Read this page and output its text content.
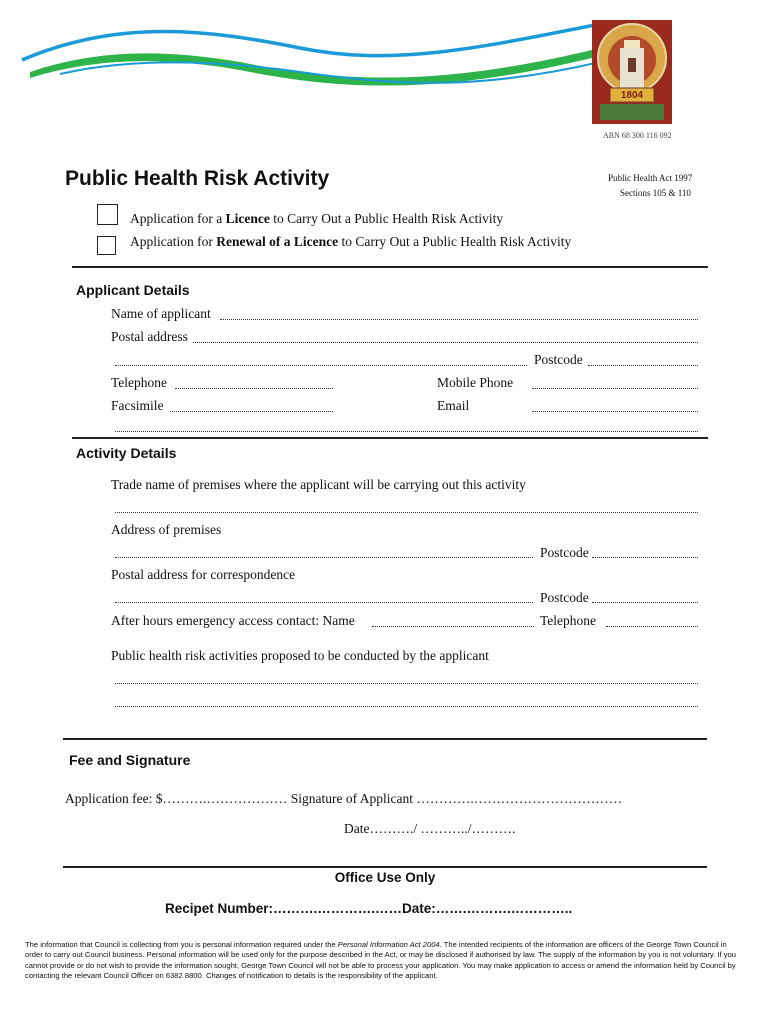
1804
ABN 68 300 116 092
Public Health Risk Activity	Public Health Act 1997
Sections 105 & 110
Application for a Licence to Carry Out a Public Health Risk Activity
Application for Renewal of a Licence to Carry Out a Public Health Risk Activity
Applicant Details
Name of applicant
Postal address
Postcode
Telephone	Mobile Phone
Facsimile	Email
Activity Details
Trade name of premises where the applicant will be carrying out this activity
Address of premises
Postcode
Postal address for correspondence
Postcode
After hours emergency access contact: Name	Telephone
Public health risk activities proposed to be conducted by the applicant
Fee and Signature
Application fee: $……….……………… Signature of Applicant ………….……………………………
Date………./ ………../……….
Office Use Only
Recipet Number:……….………….……Date:…….……….…………..
The information that Council is collecting from you is personal information required under the Personal Information Act 2004. The intended recipients of the information are officers of the George Town Council in order to carry out Council business. Personal information will be used only for the purpose described in the Act, or may be disclosed if authorised by law. The supply of the information by you is not voluntary. If you cannot provide or do not wish to provide the information sought, George Town Council will not be able to process your application. You may make application to access or amend the information held by Council by contacting the relevant Council Officer on 6382 8800. Changes of notification to details is the responsibility of the applicant.
